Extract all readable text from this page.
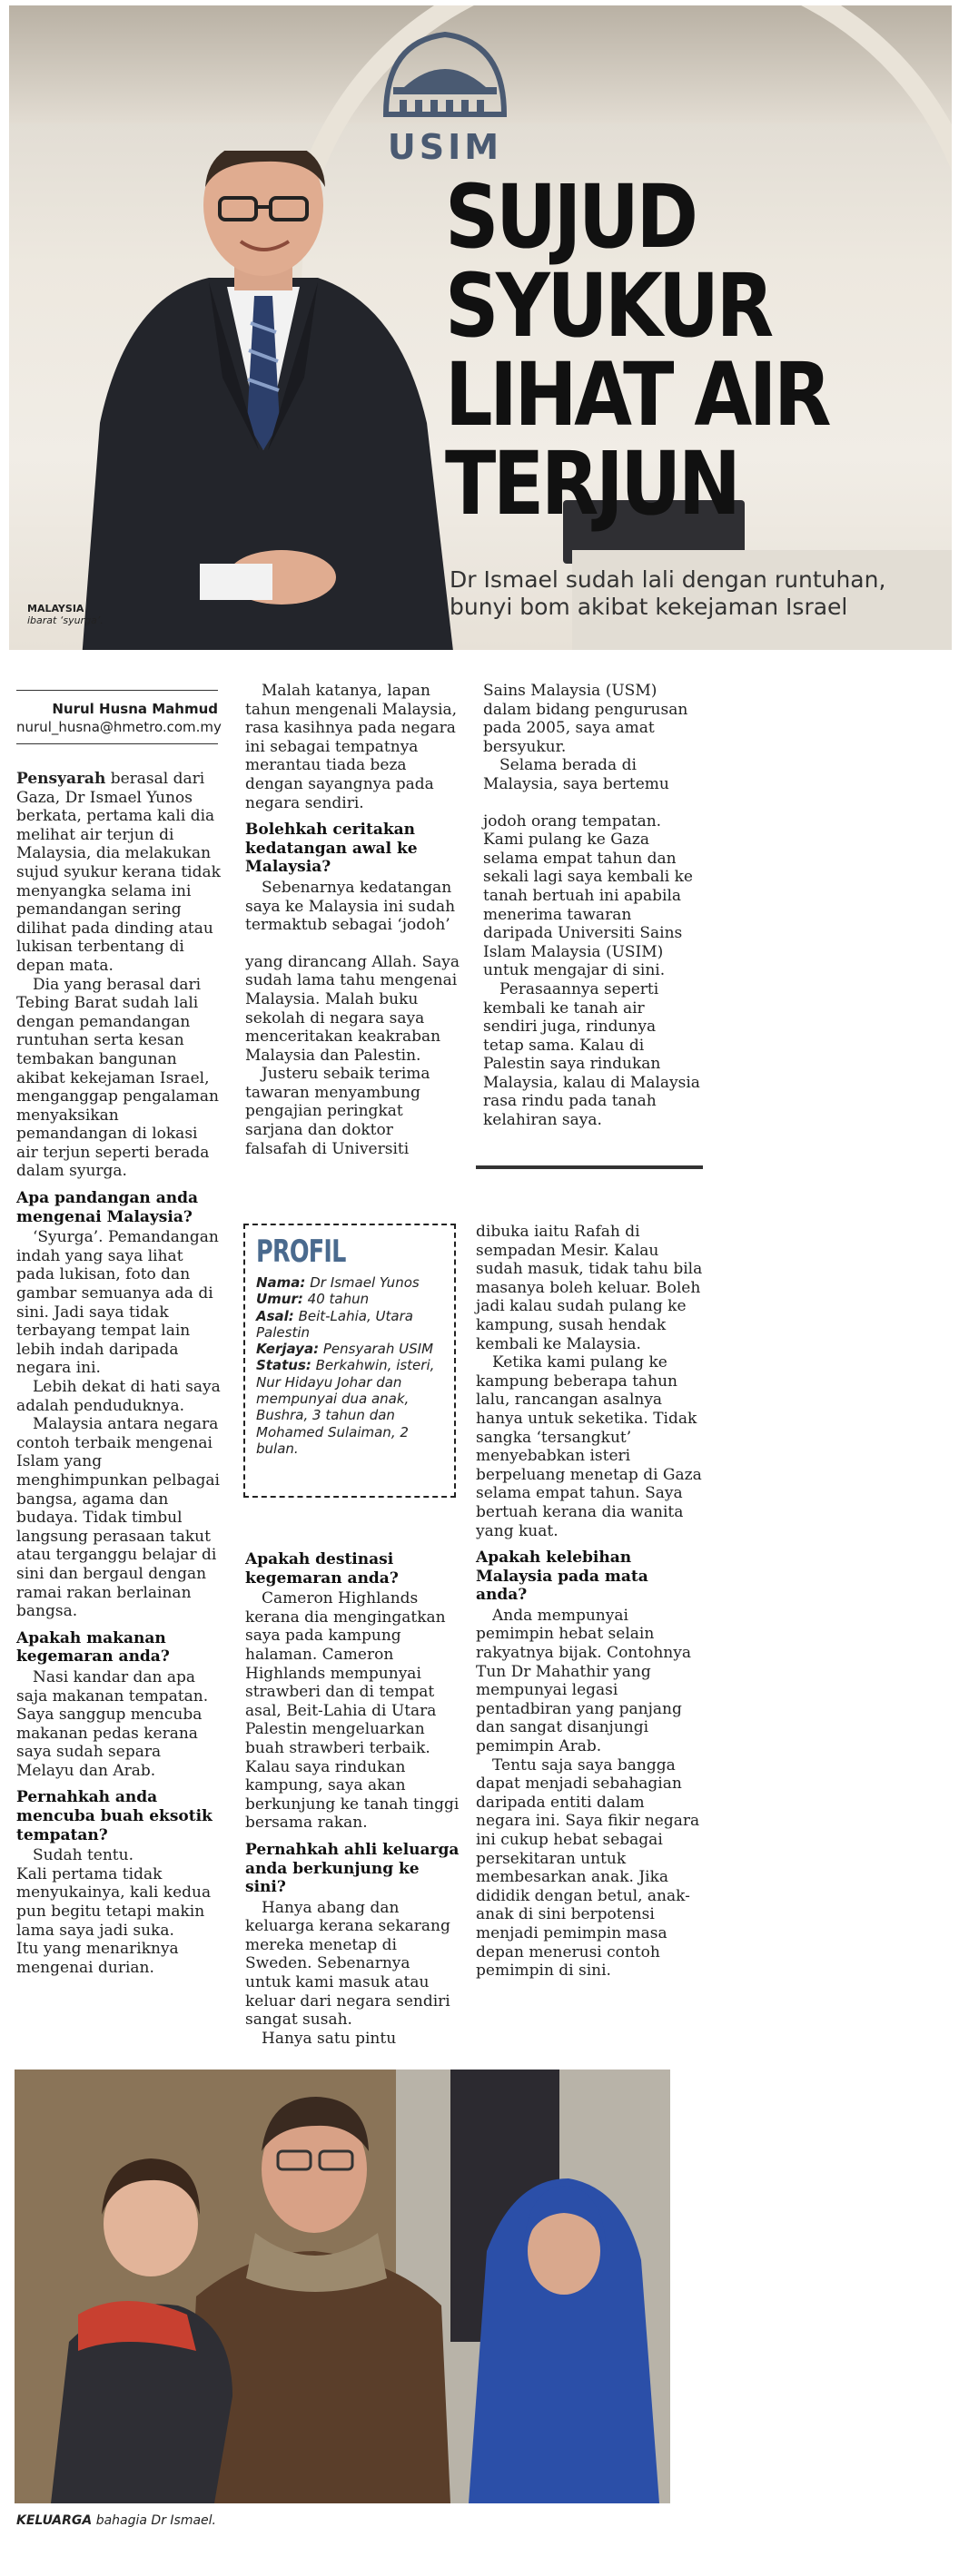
USIM
MALAYSIA
ibarat ‘syurga’.
SUJUD SYUKUR
LIHAT AIR
TERJUN

Dr Ismael sudah lali dengan runtuhan, bunyi bom akibat kekejaman Israel

Nurul Husna Mahmud
nurul_husna@hmetro.com.my

Pensyarah berasal dari Gaza, Dr Ismael Yunos berkata, pertama kali dia melihat air terjun di Malaysia, dia melakukan sujud syukur kerana tidak menyangka selama ini pemandangan sering dilihat pada dinding atau lukisan terbentang di depan mata.

Dia yang berasal dari Tebing Barat sudah lali dengan pemandangan runtuhan serta kesan tembakan bangunan akibat kekejaman Israel, menganggap pengalaman menyaksikan pemandangan di lokasi air terjun seperti berada dalam syurga.

Apa pandangan anda mengenai Malaysia?

‘Syurga’. Pemandangan indah yang saya lihat pada lukisan, foto dan gambar semuanya ada di sini. Jadi saya tidak terbayang tempat lain lebih indah daripada negara ini.

Lebih dekat di hati saya adalah penduduknya.

Malaysia antara negara contoh terbaik mengenai Islam yang menghimpunkan pelbagai bangsa, agama dan budaya. Tidak timbul langsung perasaan takut atau terganggu belajar di sini dan bergaul dengan ramai rakan berlainan bangsa.

Apakah makanan kegemaran anda?

Nasi kandar dan apa saja makanan tempatan. Saya sanggup mencuba makanan pedas kerana saya sudah separa Melayu dan Arab.

Pernahkah anda mencuba buah eksotik tempatan?

Sudah tentu.

Kali pertama tidak menyukainya, kali kedua pun begitu tetapi makin lama saya jadi suka.

Itu yang menariknya mengenai durian.

Malah katanya, lapan tahun mengenali Malaysia, rasa kasihnya pada negara ini sebagai tempatnya merantau tiada beza dengan sayangnya pada negara sendiri.

Bolehkah ceritakan kedatangan awal ke Malaysia?

Sebenarnya kedatangan saya ke Malaysia ini sudah termaktub sebagai ‘jodoh’

yang dirancang Allah. Saya sudah lama tahu mengenai Malaysia. Malah buku sekolah di negara saya menceritakan keakraban Malaysia dan Palestin.

Justeru sebaik terima tawaran menyambung pengajian peringkat sarjana dan doktor falsafah di Universiti

PROFIL

Nama: Dr Ismael Yunos

Umur: 40 tahun

Asal: Beit-Lahia, Utara Palestin

Kerjaya: Pensyarah USIM

Status: Berkahwin, isteri, Nur Hidayu Johar dan mempunyai dua anak, Bushra, 3 tahun dan Mohamed Sulaiman, 2 bulan.

Apakah destinasi kegemaran anda?

Cameron Highlands kerana dia mengingatkan saya pada kampung halaman. Cameron Highlands mempunyai strawberi dan di tempat asal, Beit-Lahia di Utara Palestin mengeluarkan buah strawberi terbaik. Kalau saya rindukan kampung, saya akan berkunjung ke tanah tinggi bersama rakan.

Pernahkah ahli keluarga anda berkunjung ke sini?

Hanya abang dan keluarga kerana sekarang mereka menetap di Sweden. Sebenarnya untuk kami masuk atau keluar dari negara sendiri sangat susah.

Hanya satu pintu

Sains Malaysia (USM) dalam bidang pengurusan pada 2005, saya amat bersyukur.

Selama berada di Malaysia, saya bertemu

jodoh orang tempatan. Kami pulang ke Gaza selama empat tahun dan sekali lagi saya kembali ke tanah bertuah ini apabila menerima tawaran daripada Universiti Sains Islam Malaysia (USIM) untuk mengajar di sini.

Perasaannya seperti kembali ke tanah air sendiri juga, rindunya tetap sama. Kalau di Palestin saya rindukan Malaysia, kalau di Malaysia rasa rindu pada tanah kelahiran saya.

dibuka iaitu Rafah di sempadan Mesir. Kalau sudah masuk, tidak tahu bila masanya boleh keluar. Boleh jadi kalau sudah pulang ke kampung, susah hendak kembali ke Malaysia.

Ketika kami pulang ke kampung beberapa tahun lalu, rancangan asalnya hanya untuk seketika. Tidak sangka ‘tersangkut’ menyebabkan isteri berpeluang menetap di Gaza selama empat tahun. Saya bertuah kerana dia wanita yang kuat.

Apakah kelebihan Malaysia pada mata anda?

Anda mempunyai pemimpin hebat selain rakyatnya bijak. Contohnya Tun Dr Mahathir yang mempunyai legasi pentadbiran yang panjang dan sangat disanjungi pemimpin Arab.

Tentu saja saya bangga dapat menjadi sebahagian daripada entiti dalam negara ini. Saya fikir negara ini cukup hebat sebagai persekitaran untuk membesarkan anak. Jika dididik dengan betul, anak-anak di sini berpotensi menjadi pemimpin masa depan menerusi contoh pemimpin di sini.

KELUARGA bahagia Dr Ismael.
